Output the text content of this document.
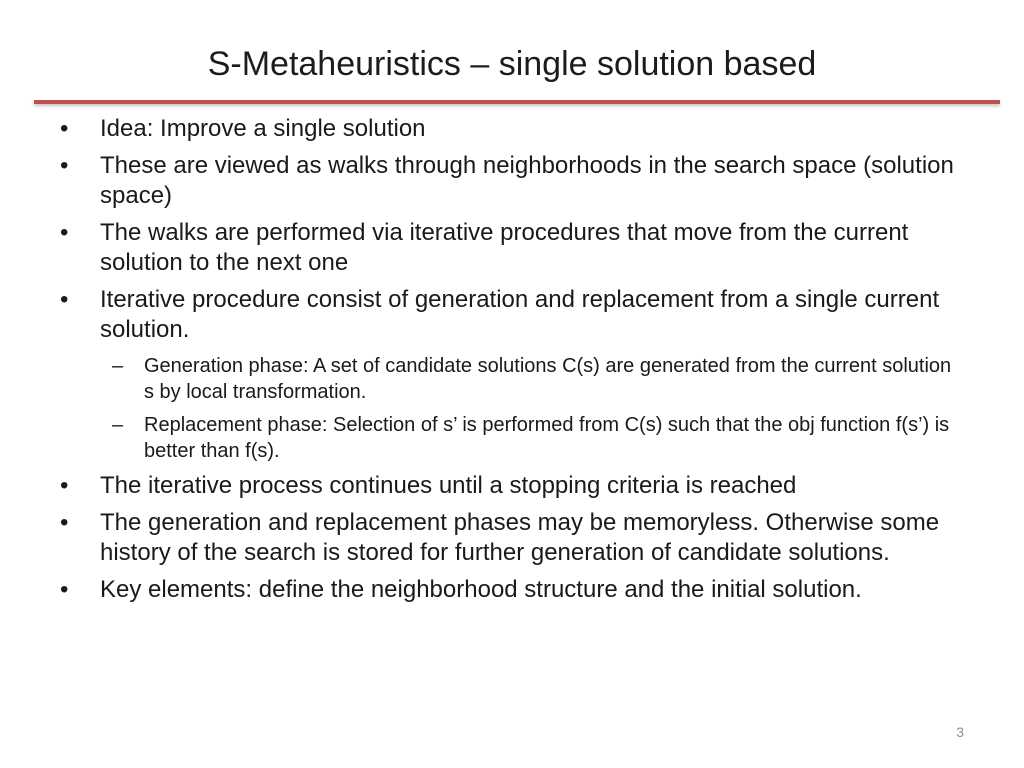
S-Metaheuristics – single solution based
•	Idea: Improve a single solution
•	These are viewed as walks through neighborhoods in the search space (solution space)
•	The walks are performed via iterative procedures that move from the current solution to the next one
•	Iterative procedure consist of generation and replacement from a single current solution.
– Generation phase: A set of candidate solutions C(s) are generated from the current solution s by local transformation.
– Replacement phase: Selection of s’ is performed from C(s) such that the obj function f(s’) is better than f(s).
•	The iterative process continues until a stopping criteria is reached
•	The generation and replacement phases may be memoryless. Otherwise some history of the search is stored for further generation of candidate solutions.
•	Key elements: define the neighborhood structure and the initial solution.
3
